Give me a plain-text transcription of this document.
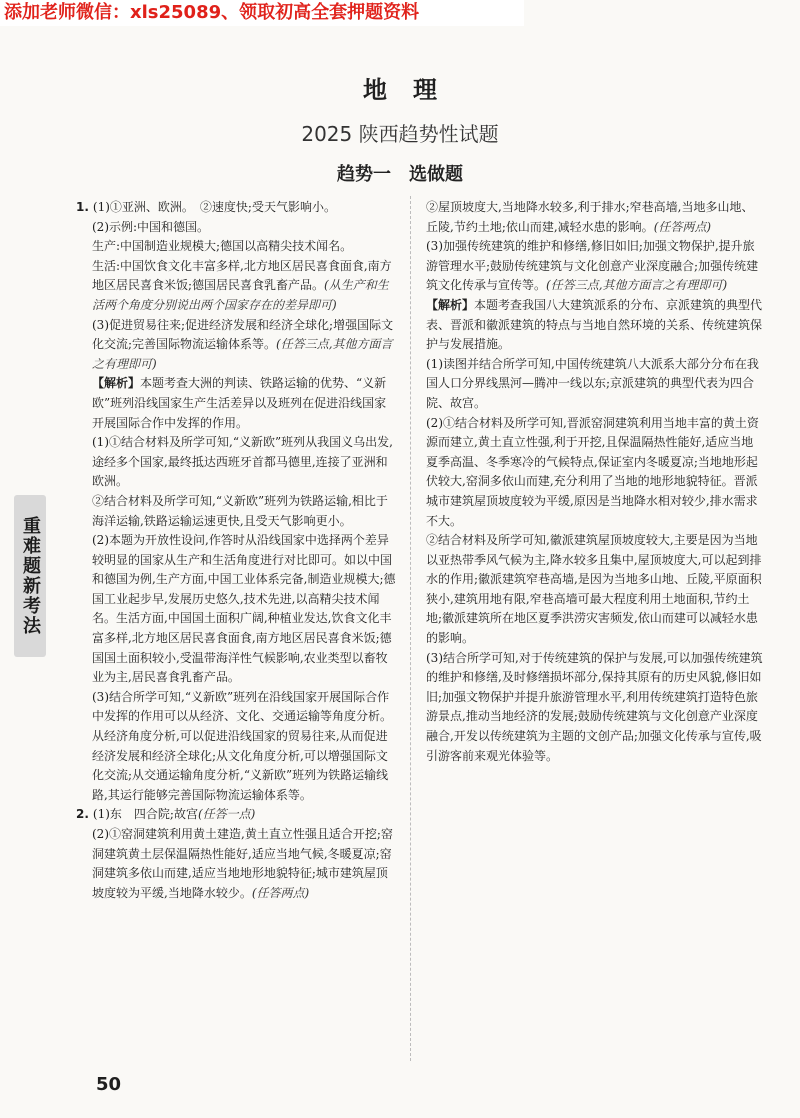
添加老师微信：xls25089、领取初高全套押题资料
地理
2025 陕西趋势性试题
趋势一　选做题
重难题新考法

1. (1)①亚洲、欧洲。　②速度快;受天气影响小。

(2)示例:中国和德国。

生产:中国制造业规模大;德国以高精尖技术闻名。

生活:中国饮食文化丰富多样,北方地区居民喜食面食,南方地区居民喜食米饭;德国居民喜食乳畜产品。(从生产和生活两个角度分别说出两个国家存在的差异即可)

(3)促进贸易往来;促进经济发展和经济全球化;增强国际文化交流;完善国际物流运输体系等。(任答三点,其他方面言之有理即可)

【解析】本题考查大洲的判读、铁路运输的优势、“义新欧”班列沿线国家生产生活差异以及班列在促进沿线国家开展国际合作中发挥的作用。

(1)①结合材料及所学可知,“义新欧”班列从我国义乌出发,途经多个国家,最终抵达西班牙首都马德里,连接了亚洲和欧洲。

②结合材料及所学可知,“义新欧”班列为铁路运输,相比于海洋运输,铁路运输运速更快,且受天气影响更小。

(2)本题为开放性设问,作答时从沿线国家中选择两个差异较明显的国家从生产和生活角度进行对比即可。如以中国和德国为例,生产方面,中国工业体系完备,制造业规模大;德国工业起步早,发展历史悠久,技术先进,以高精尖技术闻名。生活方面,中国国土面积广阔,种植业发达,饮食文化丰富多样,北方地区居民喜食面食,南方地区居民喜食米饭;德国国土面积较小,受温带海洋性气候影响,农业类型以畜牧业为主,居民喜食乳畜产品。

(3)结合所学可知,“义新欧”班列在沿线国家开展国际合作中发挥的作用可以从经济、文化、交通运输等角度分析。从经济角度分析,可以促进沿线国家的贸易往来,从而促进经济发展和经济全球化;从文化角度分析,可以增强国际文化交流;从交通运输角度分析,“义新欧”班列为铁路运输线路,其运行能够完善国际物流运输体系等。

2. (1)东　四合院;故宫(任答一点)

(2)①窑洞建筑利用黄土建造,黄土直立性强且适合开挖;窑洞建筑黄土层保温隔热性能好,适应当地气候,冬暖夏凉;窑洞建筑多依山而建,适应当地地形地貌特征;城市建筑屋顶坡度较为平缓,当地降水较少。(任答两点)

②屋顶坡度大,当地降水较多,利于排水;窄巷高墙,当地多山地、丘陵,节约土地;依山而建,减轻水患的影响。(任答两点)

(3)加强传统建筑的维护和修缮,修旧如旧;加强文物保护,提升旅游管理水平;鼓励传统建筑与文化创意产业深度融合;加强传统建筑文化传承与宣传等。(任答三点,其他方面言之有理即可)

【解析】本题考查我国八大建筑派系的分布、京派建筑的典型代表、晋派和徽派建筑的特点与当地自然环境的关系、传统建筑保护与发展措施。

(1)读图并结合所学可知,中国传统建筑八大派系大部分分布在我国人口分界线黑河—腾冲一线以东;京派建筑的典型代表为四合院、故宫。

(2)①结合材料及所学可知,晋派窑洞建筑利用当地丰富的黄土资源而建立,黄土直立性强,利于开挖,且保温隔热性能好,适应当地夏季高温、冬季寒冷的气候特点,保证室内冬暖夏凉;当地地形起伏较大,窑洞多依山而建,充分利用了当地的地形地貌特征。晋派城市建筑屋顶坡度较为平缓,原因是当地降水相对较少,排水需求不大。

②结合材料及所学可知,徽派建筑屋顶坡度较大,主要是因为当地以亚热带季风气候为主,降水较多且集中,屋顶坡度大,可以起到排水的作用;徽派建筑窄巷高墙,是因为当地多山地、丘陵,平原面积狭小,建筑用地有限,窄巷高墙可最大程度利用土地面积,节约土地;徽派建筑所在地区夏季洪涝灾害频发,依山而建可以减轻水患的影响。

(3)结合所学可知,对于传统建筑的保护与发展,可以加强传统建筑的维护和修缮,及时修缮损坏部分,保持其原有的历史风貌,修旧如旧;加强文物保护并提升旅游管理水平,利用传统建筑打造特色旅游景点,推动当地经济的发展;鼓励传统建筑与文化创意产业深度融合,开发以传统建筑为主题的文创产品;加强文化传承与宣传,吸引游客前来观光体验等。

50
